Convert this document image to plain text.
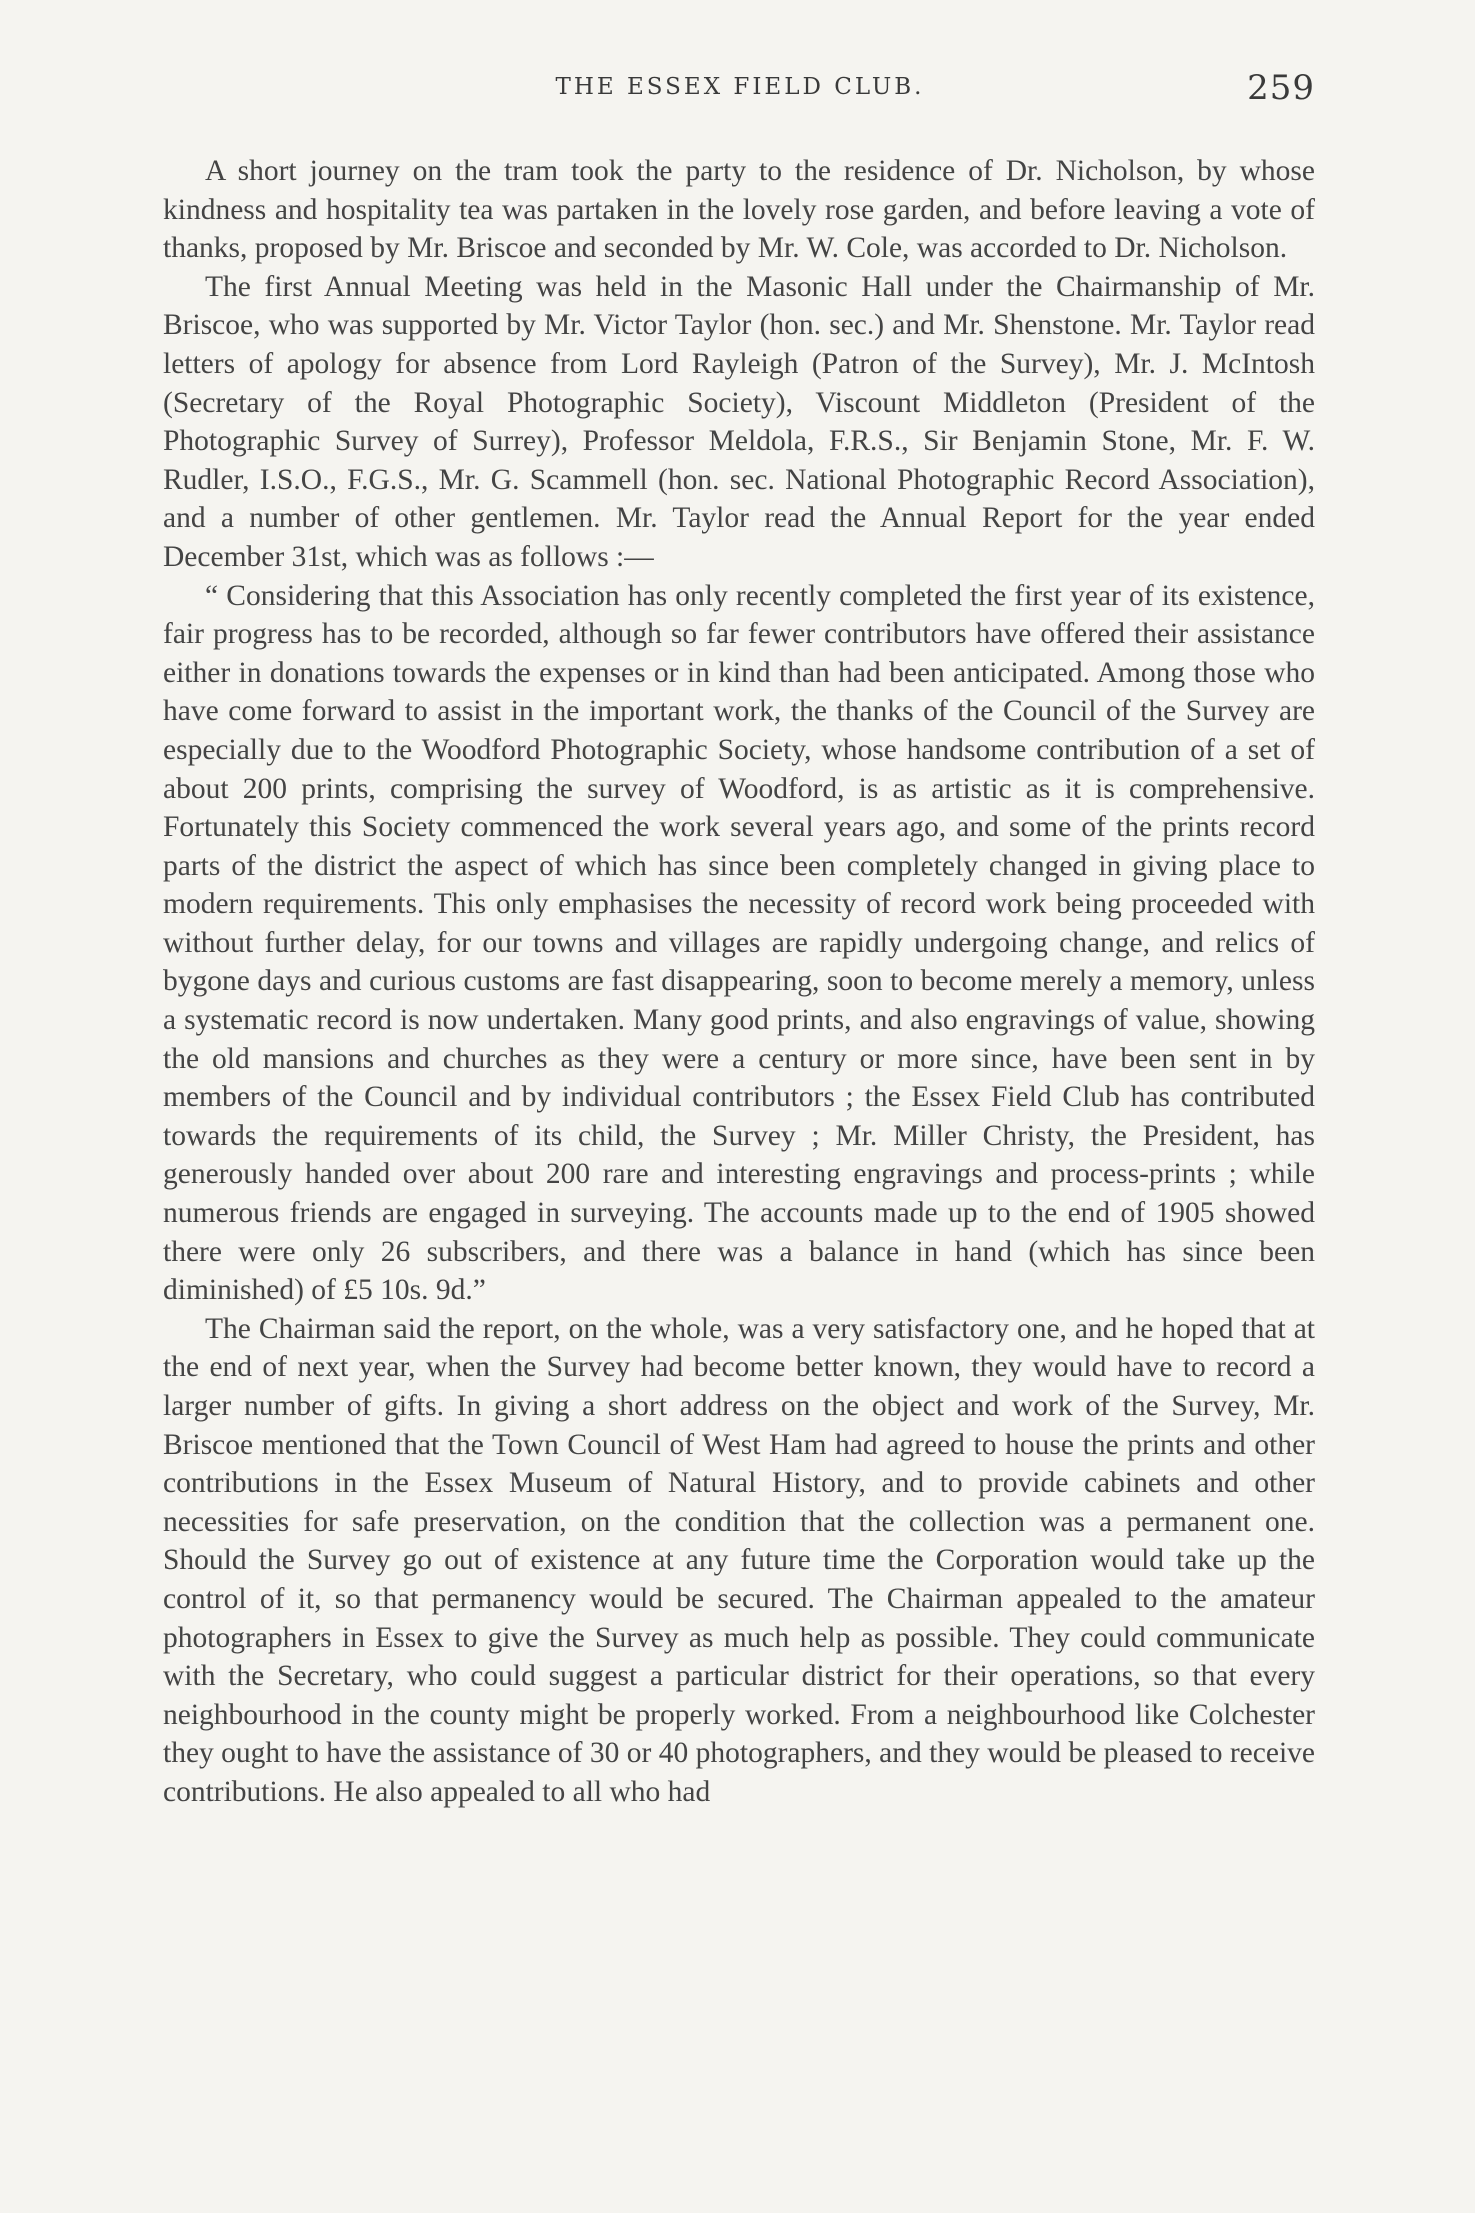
THE ESSEX FIELD CLUB.	259

A short journey on the tram took the party to the residence of Dr. Nicholson, by whose kindness and hospitality tea was partaken in the lovely rose garden, and before leaving a vote of thanks, proposed by Mr. Briscoe and seconded by Mr. W. Cole, was accorded to Dr. Nicholson.

The first Annual Meeting was held in the Masonic Hall under the Chairmanship of Mr. Briscoe, who was supported by Mr. Victor Taylor (hon. sec.) and Mr. Shenstone. Mr. Taylor read letters of apology for absence from Lord Rayleigh (Patron of the Survey), Mr. J. McIntosh (Secretary of the Royal Photographic Society), Viscount Middleton (President of the Photographic Survey of Surrey), Professor Meldola, F.R.S., Sir Benjamin Stone, Mr. F. W. Rudler, I.S.O., F.G.S., Mr. G. Scammell (hon. sec. National Photographic Record Association), and a number of other gentlemen. Mr. Taylor read the Annual Report for the year ended December 31st, which was as follows :—

“ Considering that this Association has only recently completed the first year of its existence, fair progress has to be recorded, although so far fewer contributors have offered their assistance either in donations towards the expenses or in kind than had been anticipated. Among those who have come forward to assist in the important work, the thanks of the Council of the Survey are especially due to the Woodford Photographic Society, whose handsome contribution of a set of about 200 prints, comprising the survey of Woodford, is as artistic as it is comprehensive. Fortunately this Society commenced the work several years ago, and some of the prints record parts of the district the aspect of which has since been completely changed in giving place to modern requirements. This only emphasises the necessity of record work being proceeded with without further delay, for our towns and villages are rapidly undergoing change, and relics of bygone days and curious customs are fast disappearing, soon to become merely a memory, unless a systematic record is now undertaken. Many good prints, and also engravings of value, showing the old mansions and churches as they were a century or more since, have been sent in by members of the Council and by individual contributors ; the Essex Field Club has contributed towards the requirements of its child, the Survey ; Mr. Miller Christy, the President, has generously handed over about 200 rare and interesting engravings and process-prints ; while numerous friends are engaged in surveying. The accounts made up to the end of 1905 showed there were only 26 subscribers, and there was a balance in hand (which has since been diminished) of £5 10s. 9d.”

The Chairman said the report, on the whole, was a very satisfactory one, and he hoped that at the end of next year, when the Survey had become better known, they would have to record a larger number of gifts. In giving a short address on the object and work of the Survey, Mr. Briscoe mentioned that the Town Council of West Ham had agreed to house the prints and other contributions in the Essex Museum of Natural History, and to provide cabinets and other necessities for safe preservation, on the condition that the collection was a permanent one. Should the Survey go out of existence at any future time the Corporation would take up the control of it, so that permanency would be secured. The Chairman appealed to the amateur photographers in Essex to give the Survey as much help as possible. They could communicate with the Secretary, who could suggest a particular district for their operations, so that every neighbourhood in the county might be properly worked. From a neighbourhood like Colchester they ought to have the assistance of 30 or 40 photographers, and they would be pleased to receive contributions. He also appealed to all who had
